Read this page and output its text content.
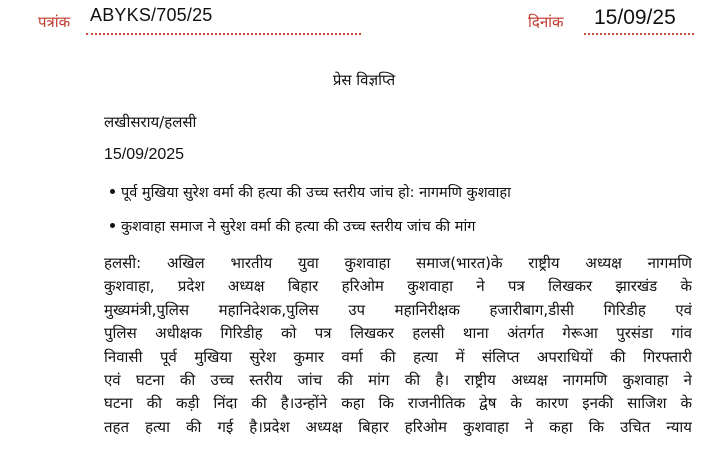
पत्रांक ABYKS/705/25	दिनांक 15/09/25
प्रेस विज्ञप्ति
लखीसराय/हलसी
15/09/2025
पूर्व मुखिया सुरेश वर्मा की हत्या की उच्च स्तरीय जांच हो: नागमणि कुशवाहा
कुशवाहा समाज ने सुरेश वर्मा की हत्या की उच्च स्तरीय जांच की मांग
हलसी: अखिल भारतीय युवा कुशवाहा समाज(भारत)के राष्ट्रीय अध्यक्ष नागमणि
कुशवाहा, प्रदेश अध्यक्ष बिहार हरिओम कुशवाहा ने पत्र लिखकर झारखंड के
मुख्यमंत्री,पुलिस महानिदेशक,पुलिस उप महानिरीक्षक हजारीबाग,डीसी गिरिडीह एवं
पुलिस अधीक्षक गिरिडीह को पत्र लिखकर हलसी थाना अंतर्गत गेरूआ पुरसंडा गांव
निवासी पूर्व मुखिया सुरेश कुमार वर्मा की हत्या में संलिप्त अपराधियों की गिरफ्तारी
एवं घटना की उच्च स्तरीय जांच की मांग की है। राष्ट्रीय अध्यक्ष नागमणि कुशवाहा ने
घटना की कड़ी निंदा की है।उन्होंने कहा कि राजनीतिक द्वेष के कारण इनकी साजिश के
तहत हत्या की गई है।प्रदेश अध्यक्ष बिहार हरिओम कुशवाहा ने कहा कि उचित न्याय
